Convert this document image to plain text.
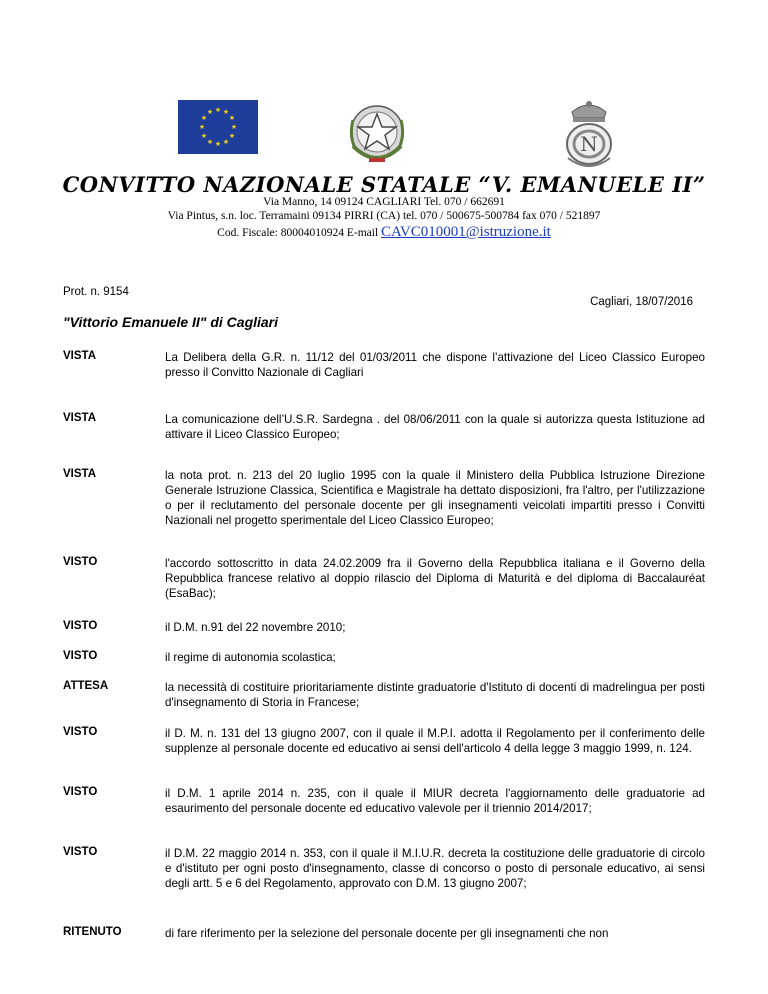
★ ★
★
★
★
★
★
★
★
★
★
★
N
CONVITTO NAZIONALE STATALE “V. EMANUELE II”
Via Manno, 14 09124 CAGLIARI Tel. 070 / 662691
Via Pintus, s.n. loc. Terramaini 09134 PIRRI (CA) tel. 070 / 500675-500784 fax 070 / 521897
Cod. Fiscale: 80004010924 E-mail CAVC010001@istruzione.it
Prot. n. 9154
Cagliari, 18/07/2016
"Vittorio Emanuele II" di Cagliari
VISTA	La Delibera della G.R. n. 11/12 del 01/03/2011 che dispone l’attivazione del Liceo Classico Europeo presso il Convitto Nazionale di Cagliari
VISTA	La comunicazione dell’U.S.R. Sardegna . del 08/06/2011 con la quale si autorizza questa Istituzione ad attivare il Liceo Classico Europeo;
VISTA	la nota prot. n. 213 del 20 luglio 1995 con la quale il Ministero della Pubblica Istruzione Direzione Generale Istruzione Classica, Scientifica e Magistrale ha dettato disposizioni, fra l'altro, per l'utilizzazione o per il reclutamento del personale docente per gli insegnamenti veicolati impartiti presso i Convitti Nazionali nel progetto sperimentale del Liceo Classico Europeo;
VISTO	l'accordo sottoscritto in data 24.02.2009 fra il Governo della Repubblica italiana e il Governo della Repubblica francese relativo al doppio rilascio del Diploma di Maturità e del diploma di Baccalauréat (EsaBac);
VISTO	il D.M. n.91 del 22 novembre 2010;
VISTO	il regime di autonomia scolastica;
ATTESA	la necessità di costituire prioritariamente distinte graduatorie d'Istituto di docenti di madrelingua per posti d'insegnamento di Storia in Francese;
VISTO	il D. M. n. 131 del 13 giugno 2007, con il quale il M.P.I. adotta il Regolamento per il conferimento delle supplenze al personale docente ed educativo ai sensi dell'articolo 4 della legge 3 maggio 1999, n. 124.
VISTO	il D.M. 1 aprile 2014 n. 235, con il quale il MIUR decreta l'aggiornamento delle graduatorie ad esaurimento del personale docente ed educativo valevole per il triennio 2014/2017;
VISTO	il D.M. 22 maggio 2014 n. 353, con il quale il M.I.U.R. decreta la costituzione delle graduatorie di circolo e d'istituto per ogni posto d'insegnamento, classe di concorso o posto di personale educativo, ai sensi degli artt. 5 e 6 del Regolamento, approvato con D.M. 13 giugno 2007;
RITENUTO	di fare riferimento per la selezione del personale docente per gli insegnamenti che non
